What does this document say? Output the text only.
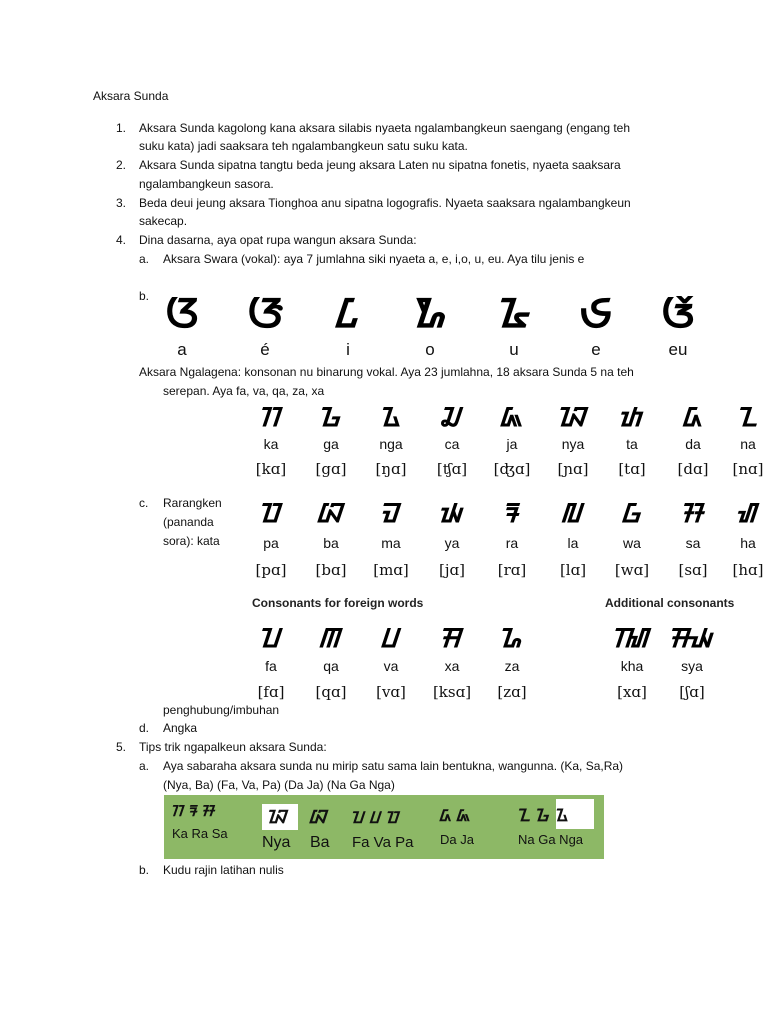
Aksara Sunda
1. Aksara Sunda kagolong kana aksara silabis nyaeta ngalambangkeun saengang (engang teh
suku kata) jadi saaksara teh ngalambangkeun satu suku kata.
2. Aksara Sunda sipatna tangtu beda jeung aksara Laten nu sipatna fonetis, nyaeta saaksara
ngalambangkeun sasora.
3. Beda deui jeung aksara Tionghoa anu sipatna logografis. Nyaeta saaksara ngalambangkeun
sakecap.
4. Dina dasarna, aya opat rupa wangun aksara Sunda:
a. Aksara Swara (vokal): aya 7 jumlahna siki nyaeta a, e, i,o, u, eu. Aya tilu jenis e
b. ᮃ ᮆ	ᮄ	ᮇ ᮅ ᮈ ᮉ
a	é	i	o	u	e	eu
Aksara Ngalagena: konsonan nu binarung vokal. Aya 23 jumlahna, 18 aksara Sunda 5 na teh
serepan. Aya fa, va, qa, za, xa
ᮊ	ᮌ	ᮍ	ᮎ	ᮏ	ᮑ	ᮒ	ᮓ	ᮔ
ka	ga	nga	ca	ja	nya	ta	da	na
[kɑ]	[gɑ]	[ŋɑ]	[ʧɑ]	[ʤɑ]	[ɲɑ]	[tɑ]	[dɑ]	[nɑ]
c. Rarangken
(pananda
sora): kata
ᮕ	ᮘ	ᮙ	ᮚ	ᮛ	ᮜ	ᮝ	ᮞ	ᮠ
pa	ba	ma	ya	ra	la	wa	sa	ha
[pɑ]	[bɑ]	[mɑ]	[jɑ]	[rɑ]	[lɑ]	[wɑ]	[sɑ]	[hɑ]
Consonants for foreign words	Additional consonants
ᮖ	ᮋ	ᮗ	ᮟ	ᮐ	ᮮ ᮯ
fa	qa	va	xa	za	kha	sya
[fɑ]	[qɑ]	[vɑ]	[ksɑ]	[zɑ]	[xɑ]	[ʃɑ]
penghubung/imbuhan
d. Angka
5. Tips trik ngapalkeun aksara Sunda:
a. Aya sabaraha aksara sunda nu mirip satu sama lain bentukna, wangunna. (Ka, Sa,Ra)
(Nya, Ba) (Fa, Va, Pa) (Da Ja) (Na Ga Nga)
ᮊ ᮛ ᮞ
Ka Ra Sa
ᮑ
Nya
ᮘ
Ba
ᮖ ᮗ ᮕ
Fa Va Pa
ᮓ ᮏ
Da Ja
ᮔ ᮌ ᮍ
Na Ga Nga
b. Kudu rajin latihan nulis
